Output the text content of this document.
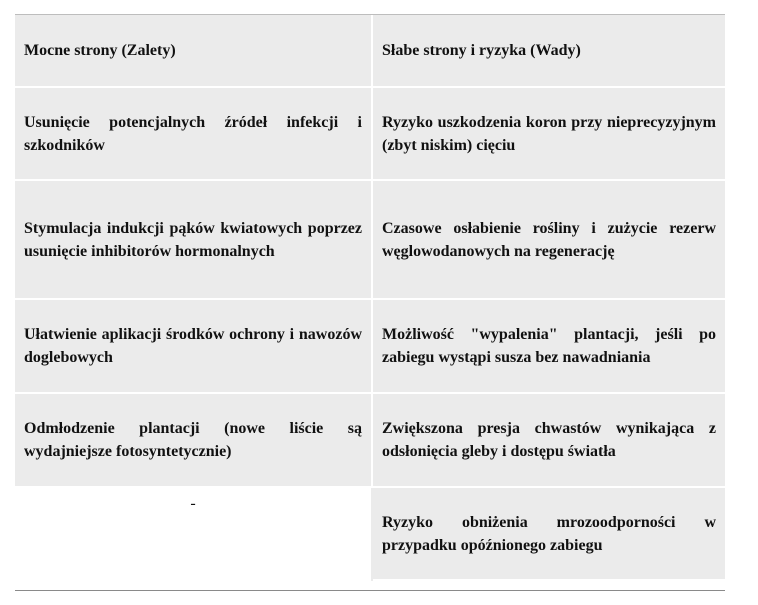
Mocne strony (Zalety)	Słabe strony i ryzyka (Wady)
Usunięcie potencjalnych źródeł infekcji i szkodników	Ryzyko uszkodzenia koron przy nieprecyzyjnym (zbyt niskim) cięciu
Stymulacja indukcji pąków kwiatowych poprzez usunięcie inhibitorów hormonalnych	Czasowe osłabienie rośliny i zużycie rezerw węglowodanowych na regenerację
Ułatwienie aplikacji środków ochrony i nawozów doglebowych	Możliwość "wypalenia" plantacji, jeśli po zabiegu wystąpi susza bez nawadniania
Odmłodzenie plantacji (nowe liście są wydajniejsze fotosyntetycznie)	Zwiększona presja chwastów wynikająca z odsłonięcia gleby i dostępu światła
-	Ryzyko obniżenia mrozoodporności w przypadku opóźnionego zabiegu
